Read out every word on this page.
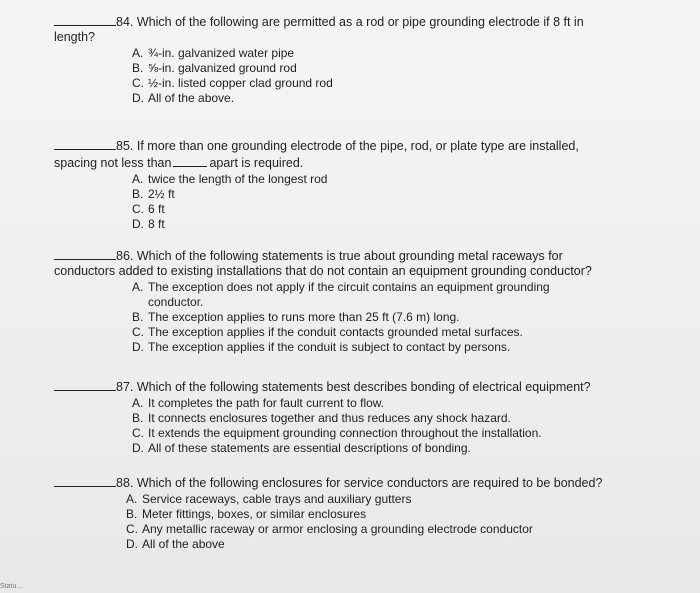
84. Which of the following are permitted as a rod or pipe grounding electrode if 8 ft in
length?
A. ¾-in. galvanized water pipe
B. ⅝-in. galvanized ground rod
C. ½-in. listed copper clad ground rod
D. All of the above.
85. If more than one grounding electrode of the pipe, rod, or plate type are installed,
spacing not less than	apart is required.
A. twice the length of the longest rod
B. 2½ ft
C. 6 ft
D. 8 ft
86. Which of the following statements is true about grounding metal raceways for
conductors added to existing installations that do not contain an equipment grounding conductor?
A. The exception does not apply if the circuit contains an equipment grounding
conductor.
B. The exception applies to runs more than 25 ft (7.6 m) long.
C. The exception applies if the conduit contacts grounded metal surfaces.
D. The exception applies if the conduit is subject to contact by persons.
87. Which of the following statements best describes bonding of electrical equipment?
A. It completes the path for fault current to flow.
B. It connects enclosures together and thus reduces any shock hazard.
C. It extends the equipment grounding connection throughout the installation.
D. All of these statements are essential descriptions of bonding.
88. Which of the following enclosures for service conductors are required to be bonded?
A. Service raceways, cable trays and auxiliary gutters
B. Meter fittings, boxes, or similar enclosures
C. Any metallic raceway or armor enclosing a grounding electrode conductor
D. All of the above
Statu...
